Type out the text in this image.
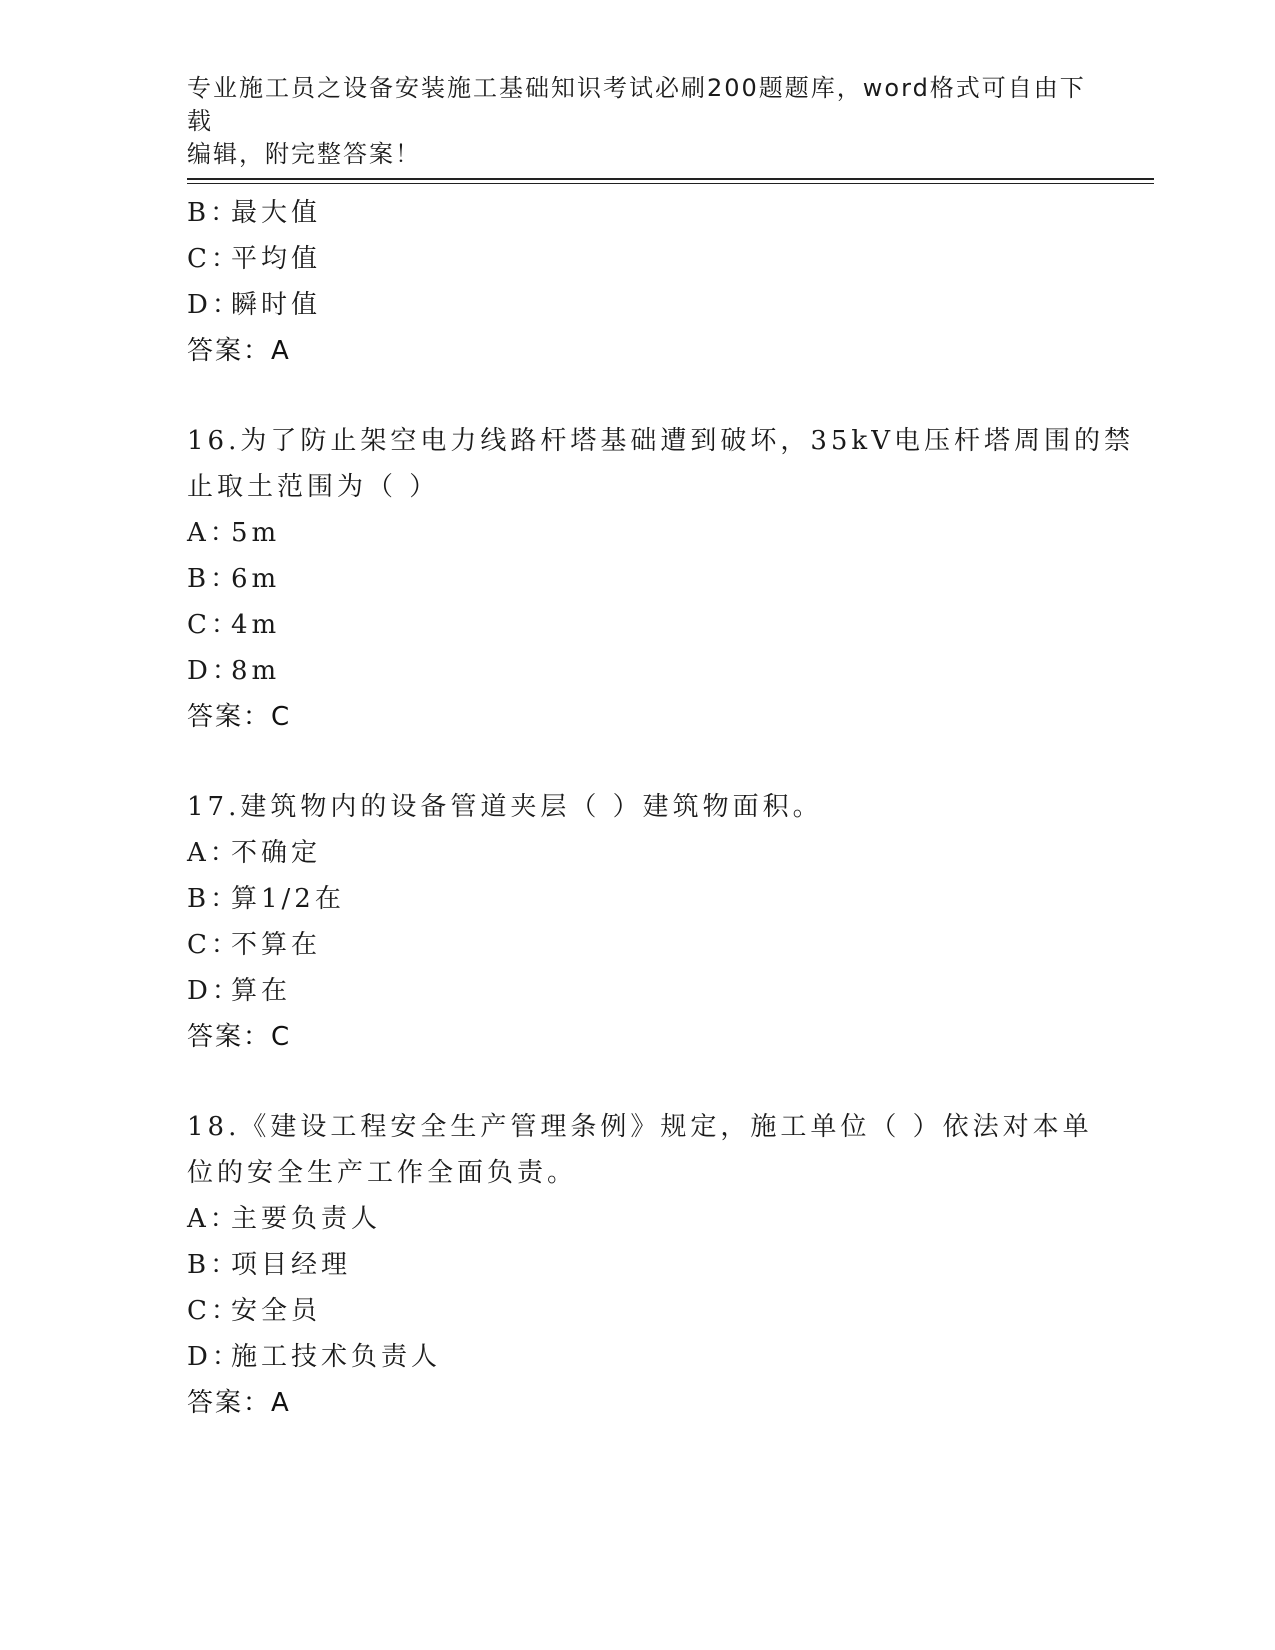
专业施工员之设备安装施工基础知识考试必刷200题题库，word格式可自由下载
编辑，附完整答案！
B：最大值
C：平均值
D：瞬时值
答案：A
16.为了防止架空电力线路杆塔基础遭到破坏，35kV电压杆塔周围的禁
止取土范围为（ ）
A：5m
B：6m
C：4m
D：8m
答案：C
17.建筑物内的设备管道夹层（ ）建筑物面积。
A：不确定
B：算1/2在
C：不算在
D：算在
答案：C
18.《建设工程安全生产管理条例》规定，施工单位（ ）依法对本单
位的安全生产工作全面负责。
A：主要负责人
B：项目经理
C：安全员
D：施工技术负责人
答案：A
